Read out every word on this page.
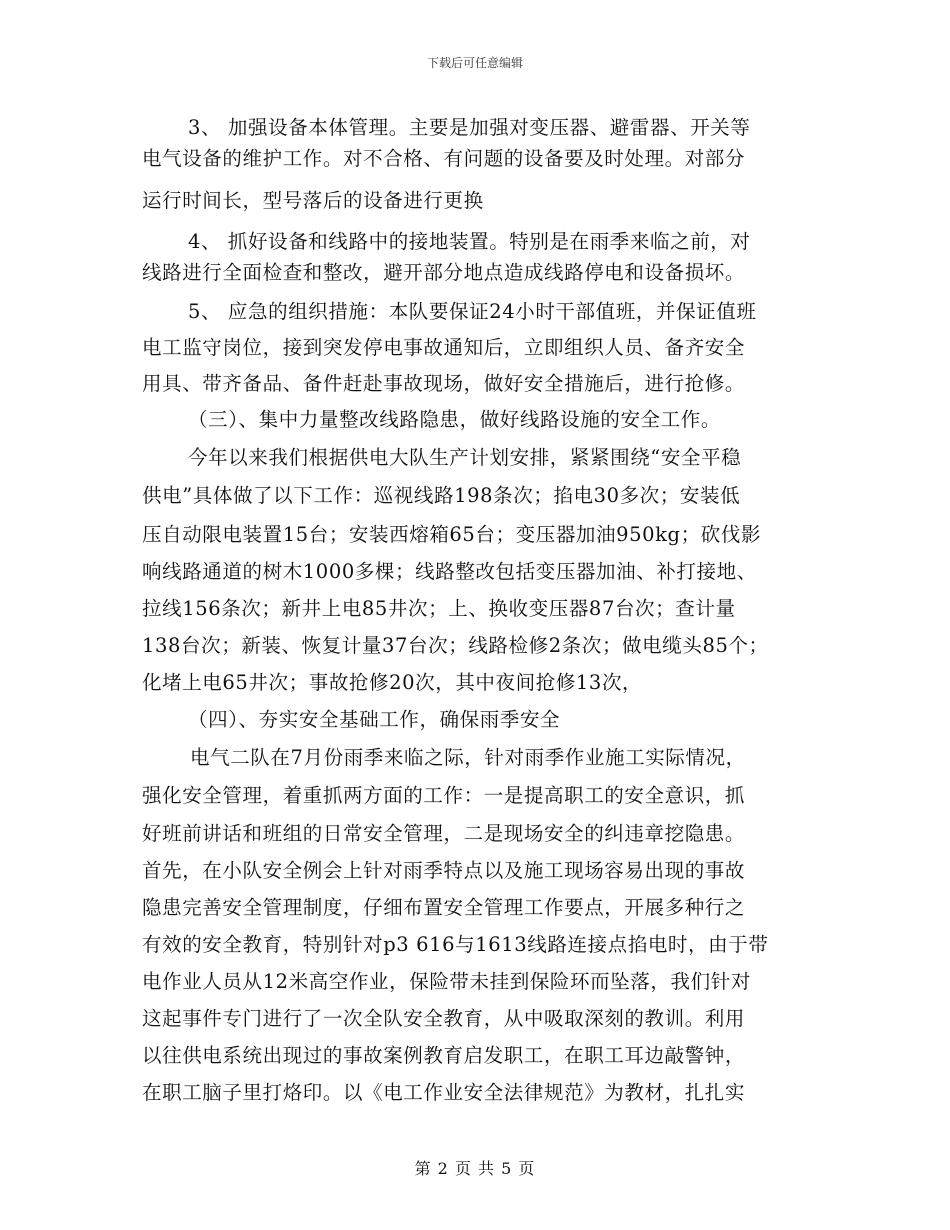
下载后可任意编辑
3、 加强设备本体管理。主要是加强对变压器、避雷器、开关等
电气设备的维护工作。对不合格、有问题的设备要及时处理。对部分
运行时间长，型号落后的设备进行更换
4、 抓好设备和线路中的接地装置。特别是在雨季来临之前，对
线路进行全面检查和整改，避开部分地点造成线路停电和设备损坏。
5、 应急的组织措施：本队要保证24小时干部值班，并保证值班
电工监守岗位，接到突发停电事故通知后，立即组织人员、备齐安全
用具、带齐备品、备件赶赴事故现场，做好安全措施后，进行抢修。
（三）、集中力量整改线路隐患，做好线路设施的安全工作。
今年以来我们根据供电大队生产计划安排，紧紧围绕“安全平稳
供电”具体做了以下工作：巡视线路198条次；掐电30多次；安装低
压自动限电装置15台；安装西熔箱65台；变压器加油950kg；砍伐影
响线路通道的树木1000多棵；线路整改包括变压器加油、补打接地、
拉线156条次；新井上电85井次；上、换收变压器87台次；查计量
138台次；新装、恢复计量37台次；线路检修2条次；做电缆头85个；
化堵上电65井次；事故抢修20次，其中夜间抢修13次，
（四）、夯实安全基础工作，确保雨季安全
电气二队在7月份雨季来临之际，针对雨季作业施工实际情况，
强化安全管理，着重抓两方面的工作：一是提高职工的安全意识，抓
好班前讲话和班组的日常安全管理，二是现场安全的纠违章挖隐患。
首先，在小队安全例会上针对雨季特点以及施工现场容易出现的事故
隐患完善安全管理制度，仔细布置安全管理工作要点，开展多种行之
有效的安全教育，特别针对p3 616与1613线路连接点掐电时，由于带
电作业人员从12米高空作业，保险带未挂到保险环而坠落，我们针对
这起事件专门进行了一次全队安全教育，从中吸取深刻的教训。利用
以往供电系统出现过的事故案例教育启发职工，在职工耳边敲警钟，
在职工脑子里打烙印。以《电工作业安全法律规范》为教材，扎扎实
第 2 页 共 5 页
